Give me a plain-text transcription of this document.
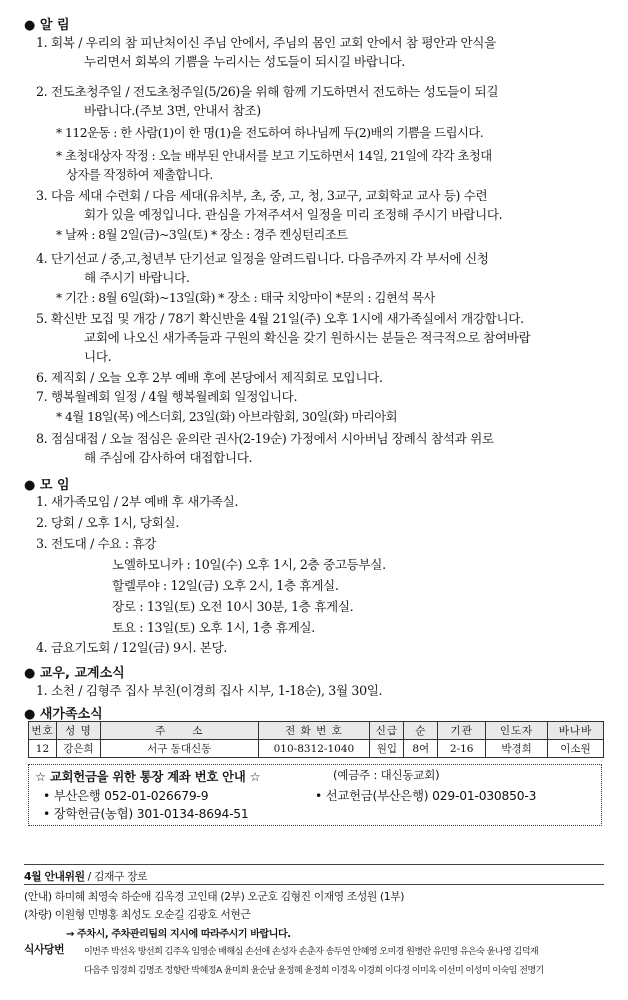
● 알 림
1. 회복 / 우리의 참 피난처이신 주님 안에서, 주님의 몸인 교회 안에서 참 평안과 안식을
누리면서 회복의 기쁨을 누리시는 성도들이 되시길 바랍니다.
2. 전도초청주일 / 전도초청주일(5/26)을 위해 함께 기도하면서 전도하는 성도들이 되길
바랍니다.(주보 3면, 안내서 참조)
* 112운동 : 한 사람(1)이 한 명(1)을 전도하여 하나님께 두(2)배의 기쁨을 드립시다.
* 초청대상자 작정 : 오늘 배부된 안내서를 보고 기도하면서 14일, 21일에 각각 초청대
상자를 작정하여 제출합니다.
3. 다음 세대 수련회 / 다음 세대(유치부, 초, 중, 고, 청, 3교구, 교회학교 교사 등) 수련
회가 있을 예정입니다. 관심을 가져주셔서 일정을 미리 조정해 주시기 바랍니다.
* 날짜 : 8월 2일(금)~3일(토) * 장소 : 경주 켄싱턴리조트
4. 단기선교 / 중,고,청년부 단기선교 일정을 알려드립니다. 다음주까지 각 부서에 신청
해 주시기 바랍니다.
* 기간 : 8월 6일(화)~13일(화) * 장소 : 태국 치앙마이 *문의 : 김현석 목사
5. 확신반 모집 및 개강 / 78기 확신반을 4월 21일(주) 오후 1시에 새가족실에서 개강합니다.
교회에 나오신 새가족들과 구원의 확신을 갖기 원하시는 분들은 적극적으로 참여바랍
니다.
6. 제직회 / 오늘 오후 2부 예배 후에 본당에서 제직회로 모입니다.
7. 행복월례회 일정 / 4월 행복월례회 일정입니다.
* 4월 18일(목) 에스더회, 23일(화) 아브라함회, 30일(화) 마리아회
8. 점심대접 / 오늘 점심은 윤의란 권사(2-19순) 가정에서 시아버님 장례식 참석과 위로
해 주심에 감사하여 대접합니다.
● 모 임
1. 새가족모임 / 2부 예배 후 새가족실.
2. 당회 / 오후 1시, 당회실.
3. 전도대 / 수요 : 휴강
노엘하모니카 : 10일(수) 오후 1시, 2층 중고등부실.
할렐루야 : 12일(금) 오후 2시, 1층 휴게실.
장로 : 13일(토) 오전 10시 30분, 1층 휴게실.
토요 : 13일(토) 오후 1시, 1층 휴게실.
4. 금요기도회 / 12일(금) 9시. 본당.
● 교우, 교계소식
1. 소천 / 김형주 집사 부친(이경희 집사 시부, 1-18순), 3월 30일.
● 새가족소식
번호	성 명	주      소	전 화 번 호	신급	순	기관	인도자	바나바
12	강은희	서구 동대신동	010-8312-1040	원입	8여	2-16	박경희	이소원
☆ 교회헌금을 위한 통장 계좌 번호 안내 ☆	(예금주 : 대신동교회)
• 부산은행 052-01-026679-9	• 선교헌금(부산은행) 029-01-030850-3
• 장학헌금(농협) 301-0134-8694-51
4월 안내위원 / 김재구 장로
(안내) 하미혜 최영숙 하순애 김옥경 고인태 (2부) 오군호 김형진 이재영 조성원 (1부)
(차량) 이원형 민병홍 최성도 오순길 김광호 서현근
→ 주차시, 주차관리팀의 지시에 따라주시기 바랍니다.
식사당번 이번주 박선옥 방선희 김주옥 임영순 배해심 손선애 손성자 손춘자 송두연 안혜영 오미경 원병란 유민영 유은숙 윤나영 김덕재
다음주 임경희 김명조 정향란 박혜정A 윤미희 윤순남 윤정혜 윤정희 이경옥 이경희 이다경 이미옥 이선미 이성미 이숙임 전명기
